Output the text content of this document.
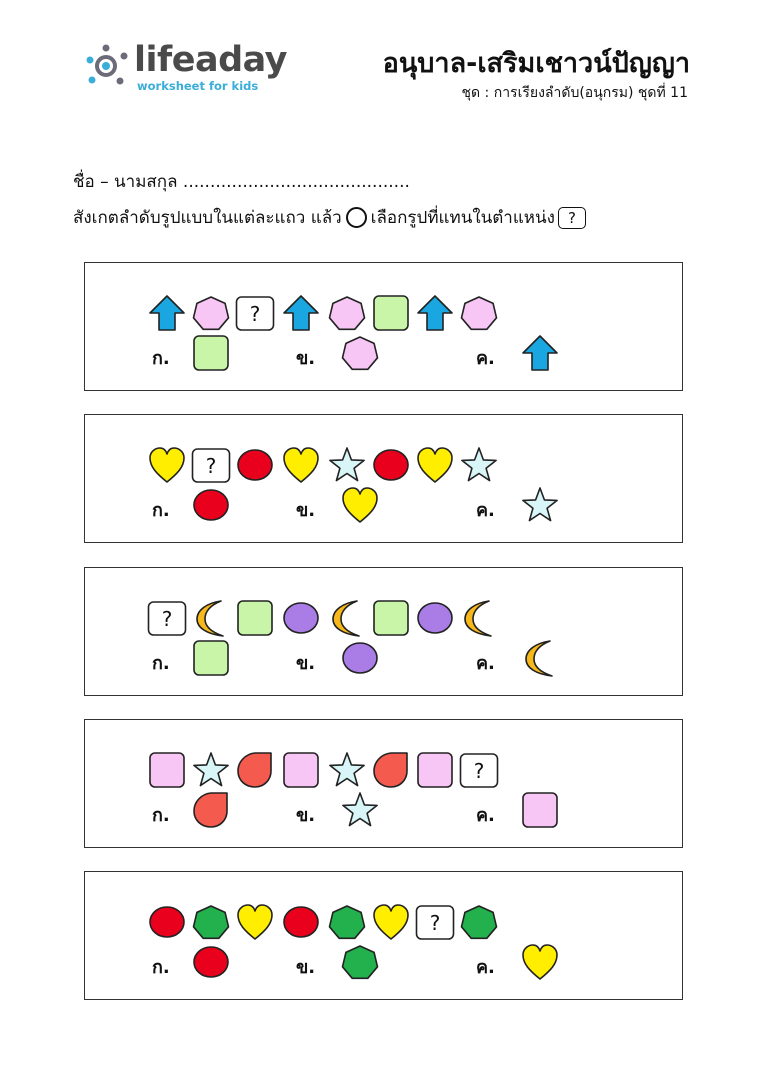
lifeaday
worksheet for kids
อนุบาล-เสริมเชาวน์ปัญญา
ชุด : การเรียงลำดับ(อนุกรม) ชุดที่ 11
ชื่อ – นามสกุล ..........................................
สังเกตลำดับรูปแบบในแต่ละแถว แล้ว เลือกรูปที่แทนในตำแหน่ง ?
?
ก.	ข.	ค.
?
ก.	ข.	ค.
?
ก.	ข.	ค.
?
ก.	ข.	ค.
?
ก.	ข.	ค.
